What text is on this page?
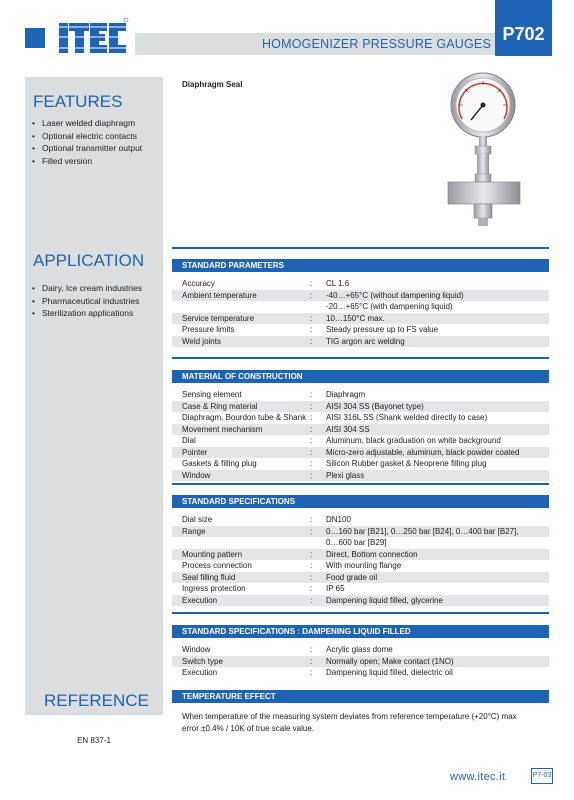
HOMOGENIZER PRESSURE GAUGES P702
FEATURES
• Laser welded diaphragm
• Optional electric contacts
• Optional transmitter output
• Filled version
APPLICATION
• Dairy, Ice cream industries
• Pharmaceutical industries
• Sterilization applications
REFERENCE
EN 837-1
Diaphragm Seal
STANDARD PARAMETERS
Accuracy	:	CL 1.6
Ambient temperature	:	-40…+65°C (without dampening liquid)
		-20…+65°C (with dampening liquid)
Service temperature	:	10…150°C max.
Pressure limits	:	Steady pressure up to FS value
Weld joints	:	TIG argon arc welding
MATERIAL OF CONSTRUCTION
Sensing element	:	Diaphragm
Case & Ring material	:	AISI 304 SS (Bayonet type)
Diaphragm, Bourdon tube & Shank	:	AISI 316L SS (Shank welded directly to case)
Movement mechanism	:	AISI 304 SS
Dial	:	Aluminum, black graduation on white background
Pointer	:	Micro-zero adjustable, aluminum, black powder coated
Gaskets & filling plug	:	Silicon Rubber gasket & Neoprene filling plug
Window	:	Plexi glass
STANDARD SPECIFICATIONS
Dial size	:	DN100
Range	:	0…160 bar [B21], 0…250 bar [B24], 0…400 bar [B27],
		0…600 bar [B29]
Mounting pattern	:	Direct, Bottom connection
Process connection	:	With mounting flange
Seal filling fluid	:	Food grade oil
Ingress protection	:	IP 65
Execution	:	Dampening liquid filled, glycerine
STANDARD SPECIFICATIONS : DAMPENING LIQUID FILLED
Window	:	Acrylic glass dome
Switch type	:	Normally open; Make contact (1NO)
Execution	:	Dampening liquid filled, dielectric oil
TEMPERATURE EFFECT
When temperature of the measuring system deviates from reference temperature (+20°C) max
error ±0.4% / 10K of true scale value.
www.itec.it	P7-03
